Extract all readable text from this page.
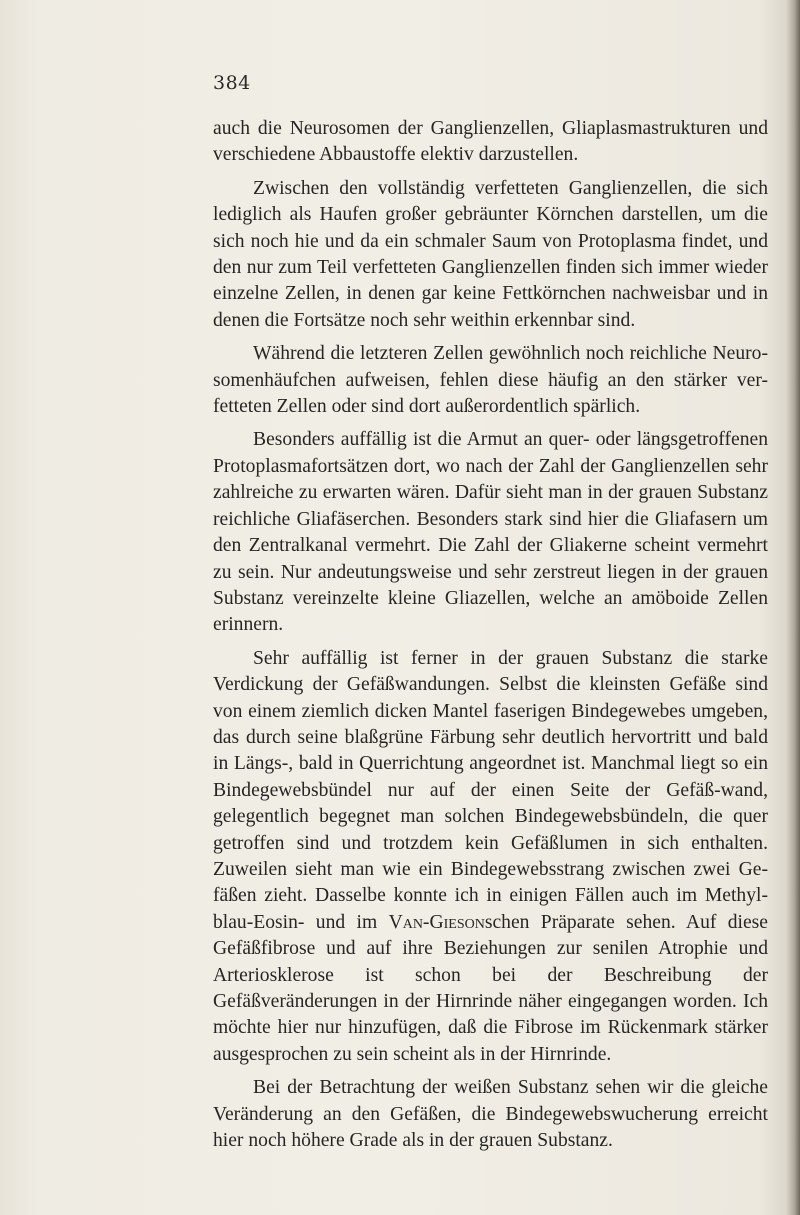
384

auch die Neurosomen der Ganglienzellen, Gliaplasmastrukturen und verschiedene Abbaustoffe elektiv darzustellen.

Zwischen den vollständig verfetteten Ganglienzellen, die sich lediglich als Haufen großer gebräunter Körnchen darstellen, um die sich noch hie und da ein schmaler Saum von Protoplasma findet, und den nur zum Teil verfetteten Ganglienzellen finden sich immer wieder einzelne Zellen, in denen gar keine Fettkörnchen nachweisbar und in denen die Fortsätze noch sehr weithin erkennbar sind.

Während die letzteren Zellen gewöhnlich noch reichliche Neuro-somenhäufchen aufweisen, fehlen diese häufig an den stärker ver-fetteten Zellen oder sind dort außerordentlich spärlich.

Besonders auffällig ist die Armut an quer- oder längsgetroffenen Protoplasmafortsätzen dort, wo nach der Zahl der Ganglienzellen sehr zahlreiche zu erwarten wären. Dafür sieht man in der grauen Substanz reichliche Gliafäserchen. Besonders stark sind hier die Gliafasern um den Zentralkanal vermehrt. Die Zahl der Gliakerne scheint vermehrt zu sein. Nur andeutungsweise und sehr zerstreut liegen in der grauen Substanz vereinzelte kleine Gliazellen, welche an amöboide Zellen erinnern.

Sehr auffällig ist ferner in der grauen Substanz die starke Verdickung der Gefäßwandungen. Selbst die kleinsten Gefäße sind von einem ziemlich dicken Mantel faserigen Bindegewebes umgeben, das durch seine blaßgrüne Färbung sehr deutlich hervortritt und bald in Längs-, bald in Querrichtung angeordnet ist. Manchmal liegt so ein Bindegewebsbündel nur auf der einen Seite der Gefäß-wand, gelegentlich begegnet man solchen Bindegewebsbündeln, die quer getroffen sind und trotzdem kein Gefäßlumen in sich enthalten. Zuweilen sieht man wie ein Bindegewebsstrang zwischen zwei Ge-fäßen zieht. Dasselbe konnte ich in einigen Fällen auch im Methyl-blau-Eosin- und im Van-Giesonschen Präparate sehen. Auf diese Gefäßfibrose und auf ihre Beziehungen zur senilen Atrophie und Arteriosklerose ist schon bei der Beschreibung der Gefäßveränderungen in der Hirnrinde näher eingegangen worden. Ich möchte hier nur hinzufügen, daß die Fibrose im Rückenmark stärker ausgesprochen zu sein scheint als in der Hirnrinde.

Bei der Betrachtung der weißen Substanz sehen wir die gleiche Veränderung an den Gefäßen, die Bindegewebswucherung erreicht hier noch höhere Grade als in der grauen Substanz.
